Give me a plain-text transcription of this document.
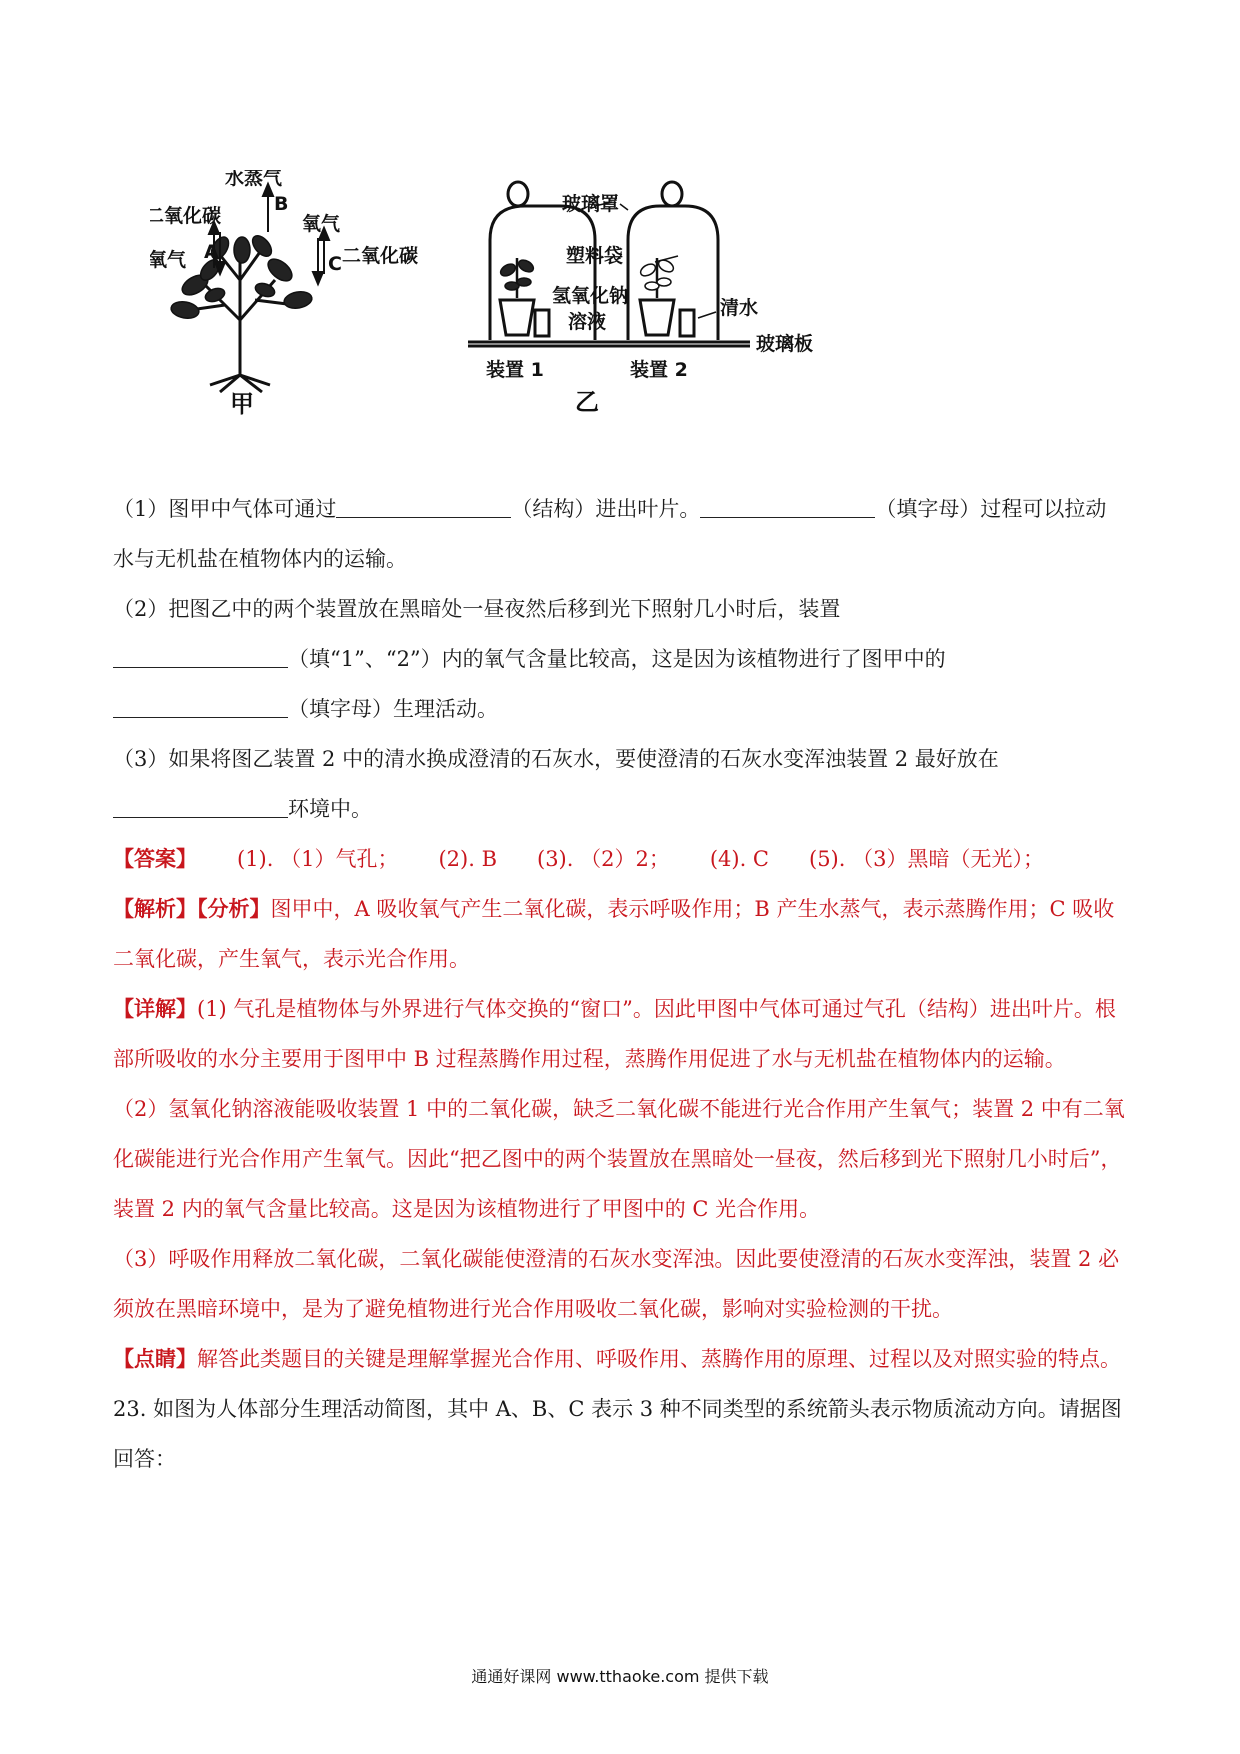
水蒸气
B
二氧化碳
氧气 A
氧气
C 二氧化碳
甲
玻璃罩
塑料袋
氢氧化钠
溶液
清水
玻璃板
装置 1	装置 2
乙

（1）图甲中气体可通过	（结构）进出叶片。	（填字母）过程可以拉动

水与无机盐在植物体内的运输。

（2）把图乙中的两个装置放在黑暗处一昼夜然后移到光下照射几小时后，装置

（填“1”、“2”）内的氧气含量比较高，这是因为该植物进行了图甲中的

（填字母）生理活动。

（3）如果将图乙装置 2 中的清水换成澄清的石灰水，要使澄清的石灰水变浑浊装置 2 最好放在

环境中。

【答案】 (1). （1）气孔； (2). B (3). （2）2； (4). C (5). （3）黑暗（无光）；

【解析】【分析】图甲中，A 吸收氧气产生二氧化碳，表示呼吸作用；B 产生水蒸气，表示蒸腾作用；C 吸收二氧化碳，产生氧气，表示光合作用。

【详解】(1) 气孔是植物体与外界进行气体交换的“窗口”。因此甲图中气体可通过气孔（结构）进出叶片。根部所吸收的水分主要用于图甲中 B 过程蒸腾作用过程，蒸腾作用促进了水与无机盐在植物体内的运输。

（2）氢氧化钠溶液能吸收装置 1 中的二氧化碳，缺乏二氧化碳不能进行光合作用产生氧气；装置 2 中有二氧化碳能进行光合作用产生氧气。因此“把乙图中的两个装置放在黑暗处一昼夜，然后移到光下照射几小时后”，装置 2 内的氧气含量比较高。这是因为该植物进行了甲图中的 C 光合作用。

（3）呼吸作用释放二氧化碳，二氧化碳能使澄清的石灰水变浑浊。因此要使澄清的石灰水变浑浊，装置 2 必须放在黑暗环境中，是为了避免植物进行光合作用吸收二氧化碳，影响对实验检测的干扰。

【点睛】解答此类题目的关键是理解掌握光合作用、呼吸作用、蒸腾作用的原理、过程以及对照实验的特点。

23. 如图为人体部分生理活动简图，其中 A、B、C 表示 3 种不同类型的系统箭头表示物质流动方向。请据图回答：

通通好课网 www.tthaoke.com 提供下载
